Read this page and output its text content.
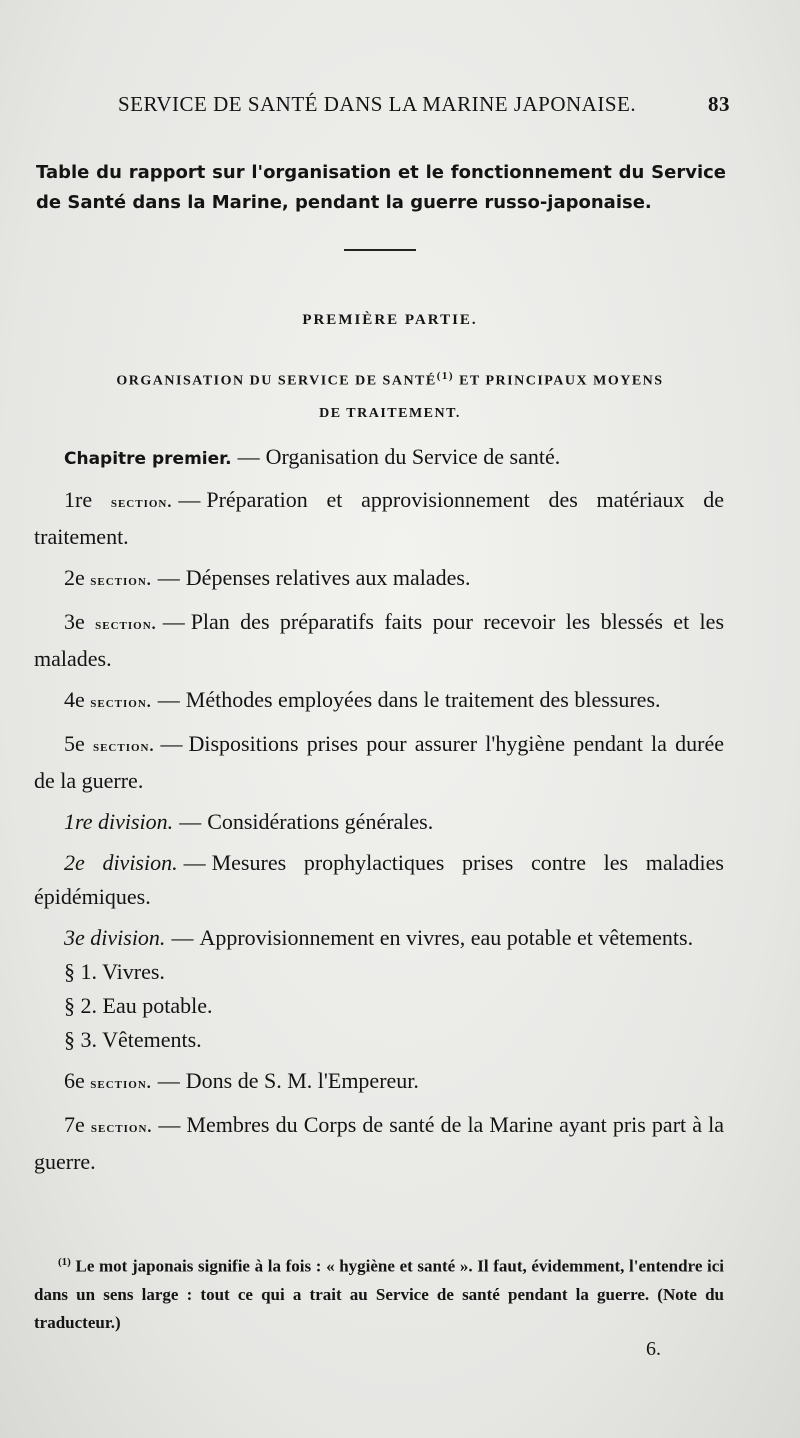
SERVICE DE SANTÉ DANS LA MARINE JAPONAISE.	83
Table du rapport sur l'organisation et le fonctionnement du Service de Santé dans la Marine, pendant la guerre russo-japonaise.
PREMIÈRE PARTIE.
ORGANISATION DU SERVICE DE SANTÉ$^{(1)}$ ET PRINCIPAUX MOYENS
DE TRAITEMENT.

Chapitre premier. — Organisation du Service de santé.

1re section. — Préparation et approvisionnement des matériaux de traitement.

2e section. — Dépenses relatives aux malades.

3e section. — Plan des préparatifs faits pour recevoir les blessés et les malades.

4e section. — Méthodes employées dans le traitement des blessures.

5e section. — Dispositions prises pour assurer l'hygiène pendant la durée de la guerre.

1re division. — Considérations générales.

2e division. — Mesures prophylactiques prises contre les maladies épidémiques.

3e division. — Approvisionnement en vivres, eau potable et vêtements.

§ 1. Vivres.

§ 2. Eau potable.

§ 3. Vêtements.

6e section. — Dons de S. M. l'Empereur.

7e section. — Membres du Corps de santé de la Marine ayant pris part à la guerre.

$^{(1)}$ Le mot japonais signifie à la fois : « hygiène et santé ». Il faut, évidemment, l'entendre ici dans un sens large : tout ce qui a trait au Service de santé pendant la guerre. (Note du traducteur.)
6.
